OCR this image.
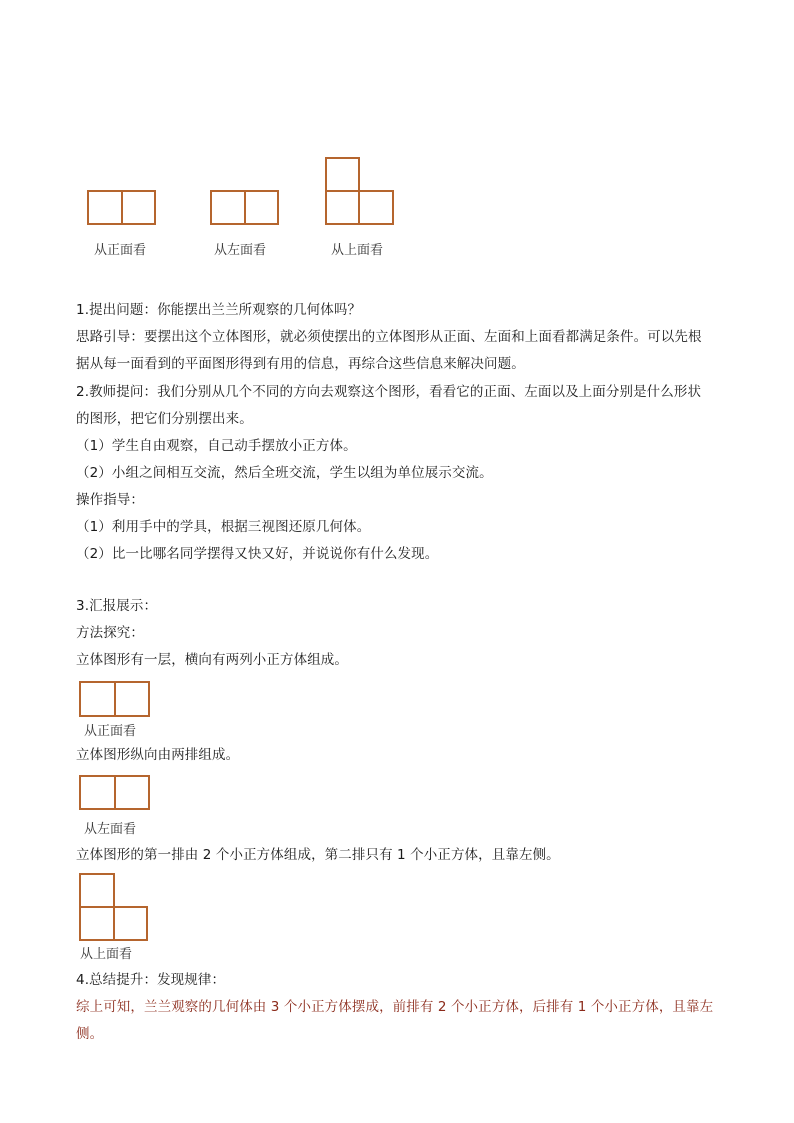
从正面看	从左面看	从上面看
1.提出问题：你能摆出兰兰所观察的几何体吗？
思路引导：要摆出这个立体图形，就必须使摆出的立体图形从正面、左面和上面看都满足条件。可以先根
据从每一面看到的平面图形得到有用的信息，再综合这些信息来解决问题。
2.教师提问：我们分别从几个不同的方向去观察这个图形，看看它的正面、左面以及上面分别是什么形状
的图形，把它们分别摆出来。
（1）学生自由观察，自己动手摆放小正方体。
（2）小组之间相互交流，然后全班交流，学生以组为单位展示交流。
操作指导：
（1）利用手中的学具，根据三视图还原几何体。
（2）比一比哪名同学摆得又快又好，并说说你有什么发现。
3.汇报展示：
方法探究：
立体图形有一层，横向有两列小正方体组成。
从正面看
立体图形纵向由两排组成。
从左面看
立体图形的第一排由 2 个小正方体组成，第二排只有 1 个小正方体，且靠左侧。
从上面看
4.总结提升：发现规律：
综上可知，兰兰观察的几何体由 3 个小正方体摆成，前排有 2 个小正方体，后排有 1 个小正方体，且靠左
侧。
